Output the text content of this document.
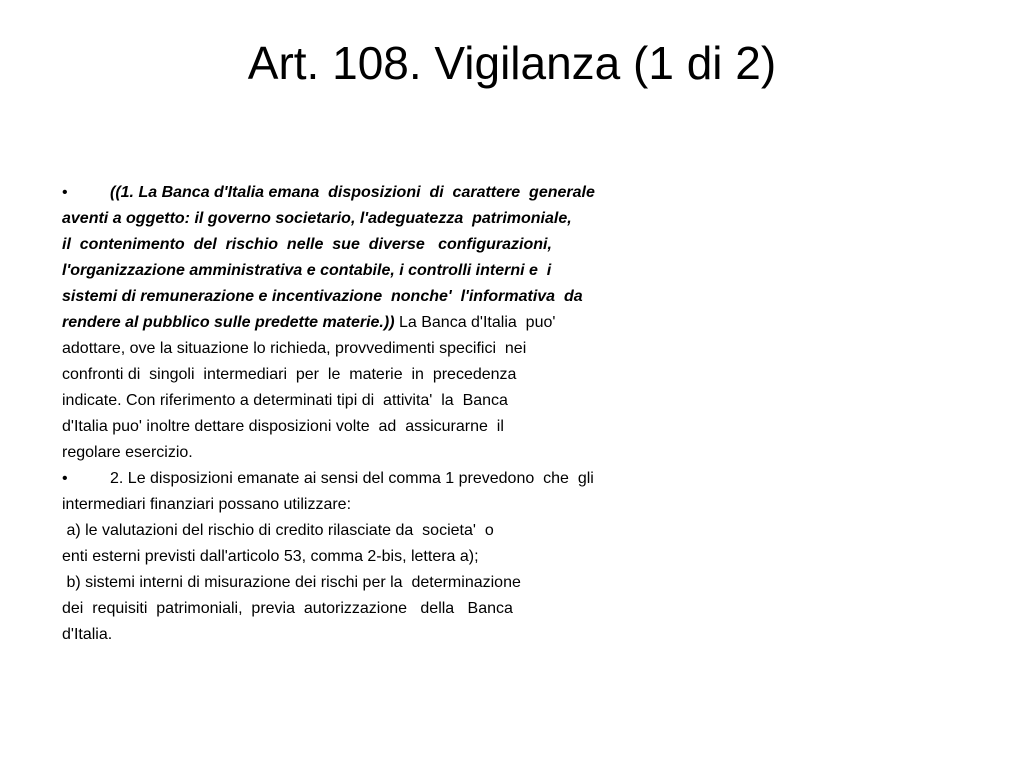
Art. 108. Vigilanza (1 di 2)
•	((1. La Banca d'Italia emana  disposizioni  di  carattere  generale
aventi a oggetto: il governo societario, l'adeguatezza  patrimoniale,
il  contenimento  del  rischio  nelle  sue  diverse   configurazioni,
l'organizzazione amministrativa e contabile, i controlli interni e  i
sistemi di remunerazione e incentivazione  nonche'  l'informativa  da
rendere al pubblico sulle predette materie.)) La Banca d'Italia  puo'
adottare, ove la situazione lo richieda, provvedimenti specifici  nei
confronti di  singoli  intermediari  per  le  materie  in  precedenza
indicate. Con riferimento a determinati tipi di  attivita'  la  Banca
d'Italia puo' inoltre dettare disposizioni volte  ad  assicurarne  il
regolare esercizio.
•	2. Le disposizioni emanate ai sensi del comma 1 prevedono  che  gli
intermediari finanziari possano utilizzare:
a) le valutazioni del rischio di credito rilasciate da  societa'  o
enti esterni previsti dall'articolo 53, comma 2-bis, lettera a);
b) sistemi interni di misurazione dei rischi per la  determinazione
dei  requisiti  patrimoniali,  previa  autorizzazione   della   Banca
d'Italia.
